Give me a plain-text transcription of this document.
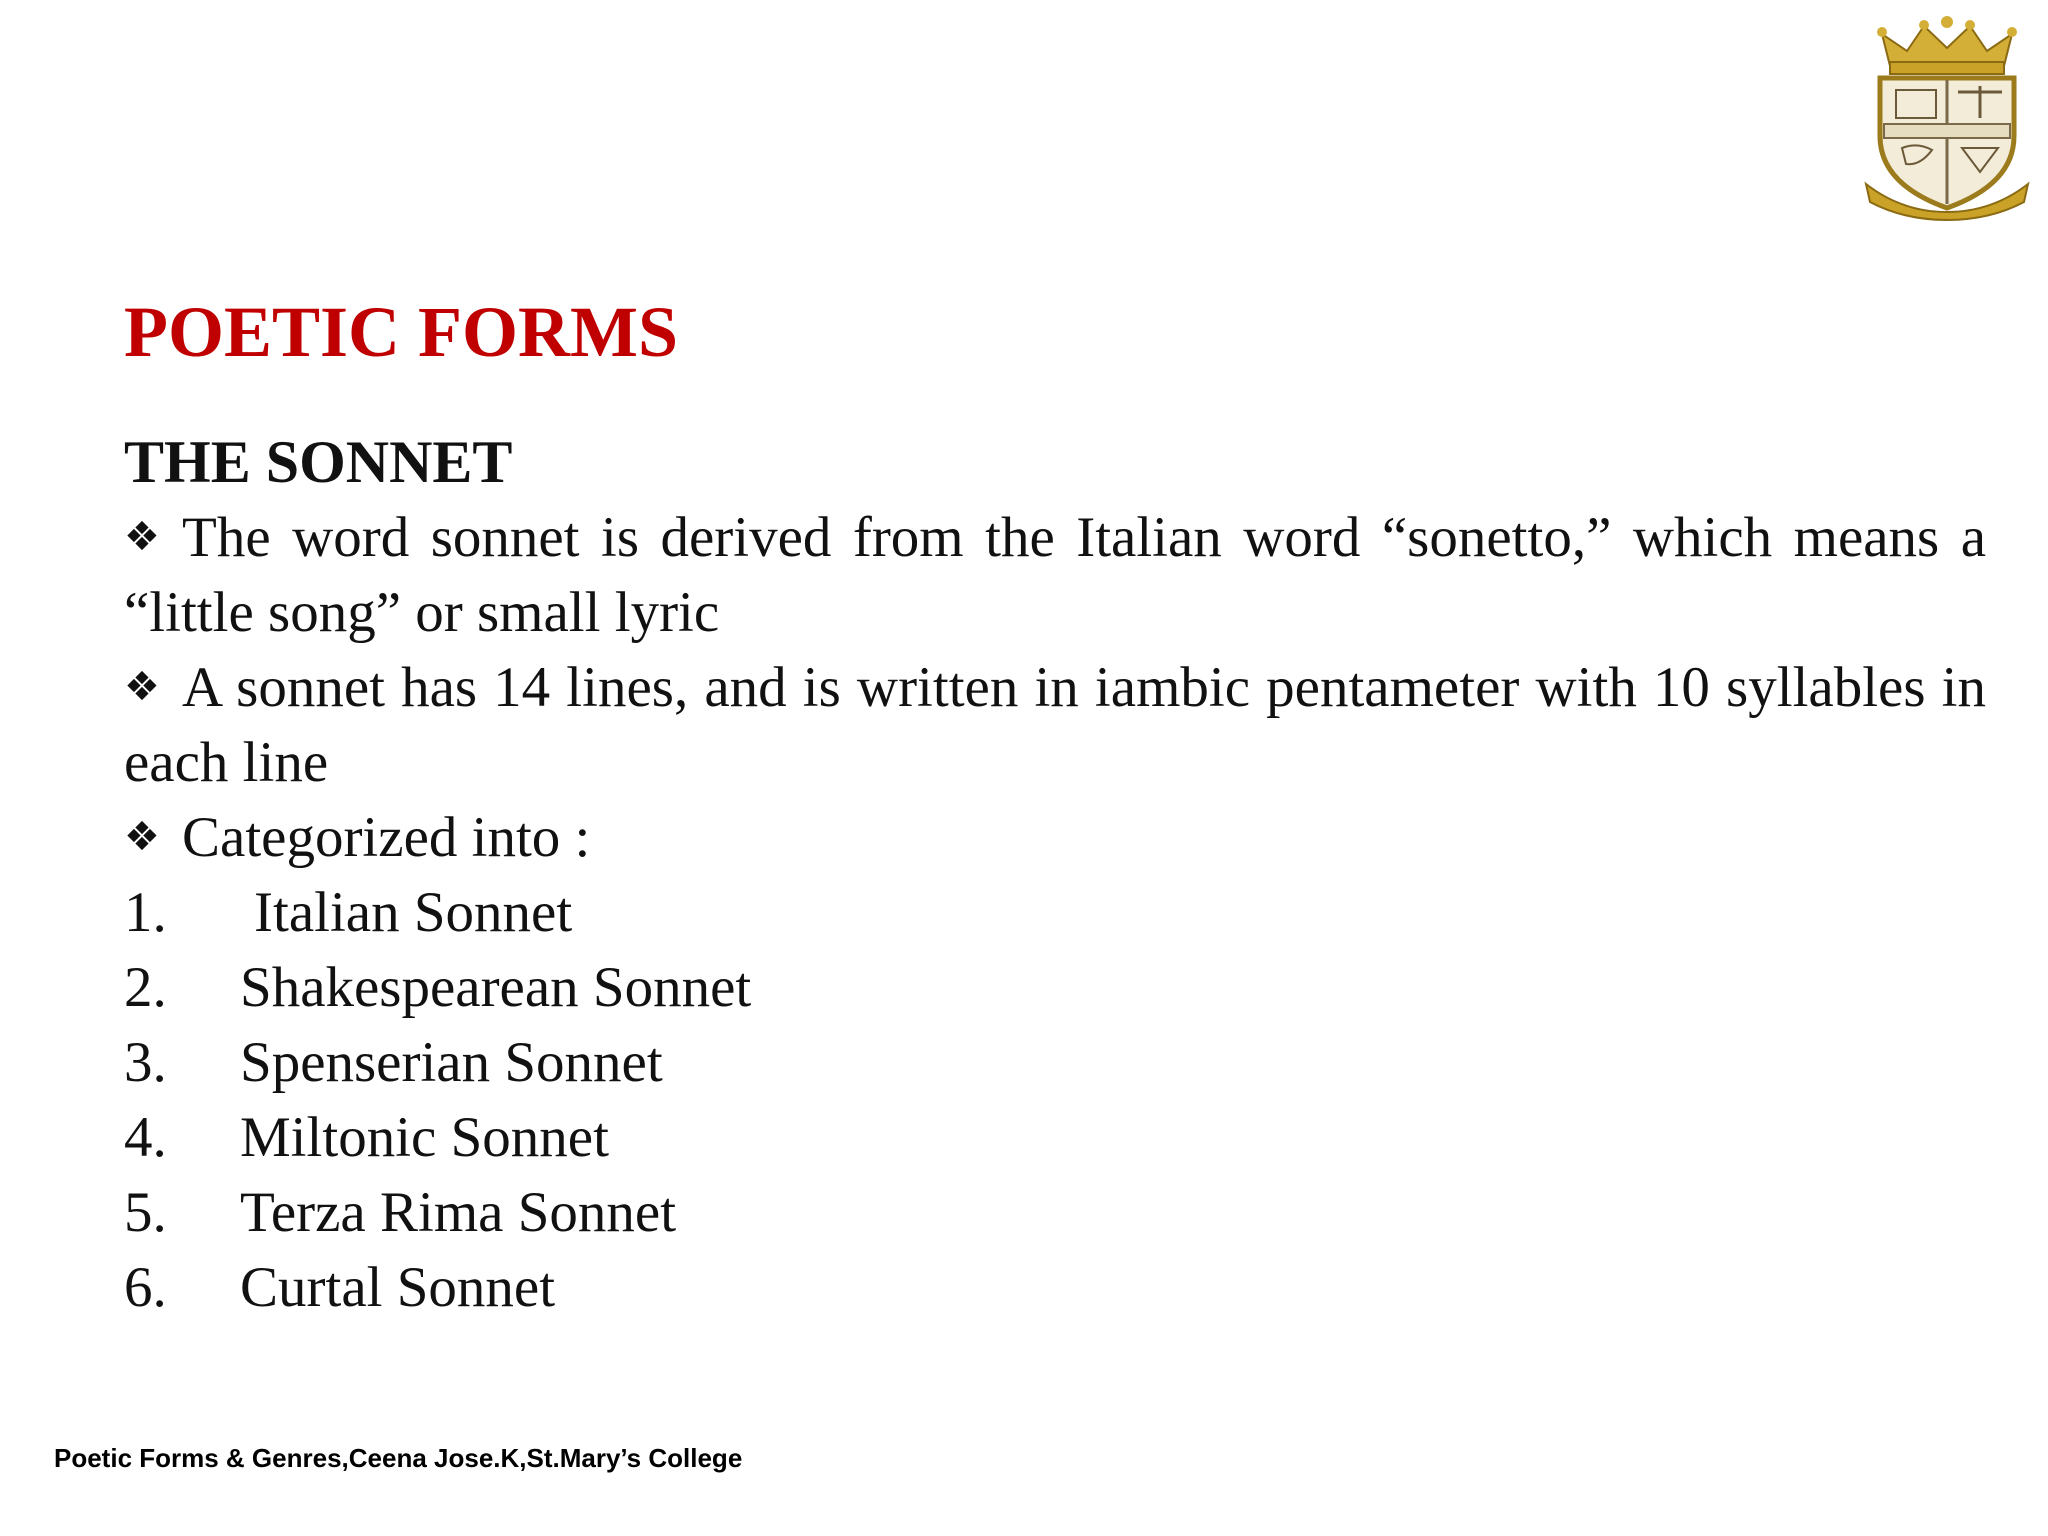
POETIC FORMS
THE SONNET

❖ The word sonnet is derived from the Italian word “sonetto,” which means a “little song” or small lyric

❖ A sonnet has 14 lines, and is written in iambic pentameter with 10 syllables in each line

❖ Categorized into :

1. Italian Sonnet
2. Shakespearean Sonnet
3. Spenserian Sonnet
4. Miltonic Sonnet
5. Terza Rima Sonnet
6. Curtal Sonnet
Poetic Forms & Genres,Ceena Jose.K,St.Mary’s College
